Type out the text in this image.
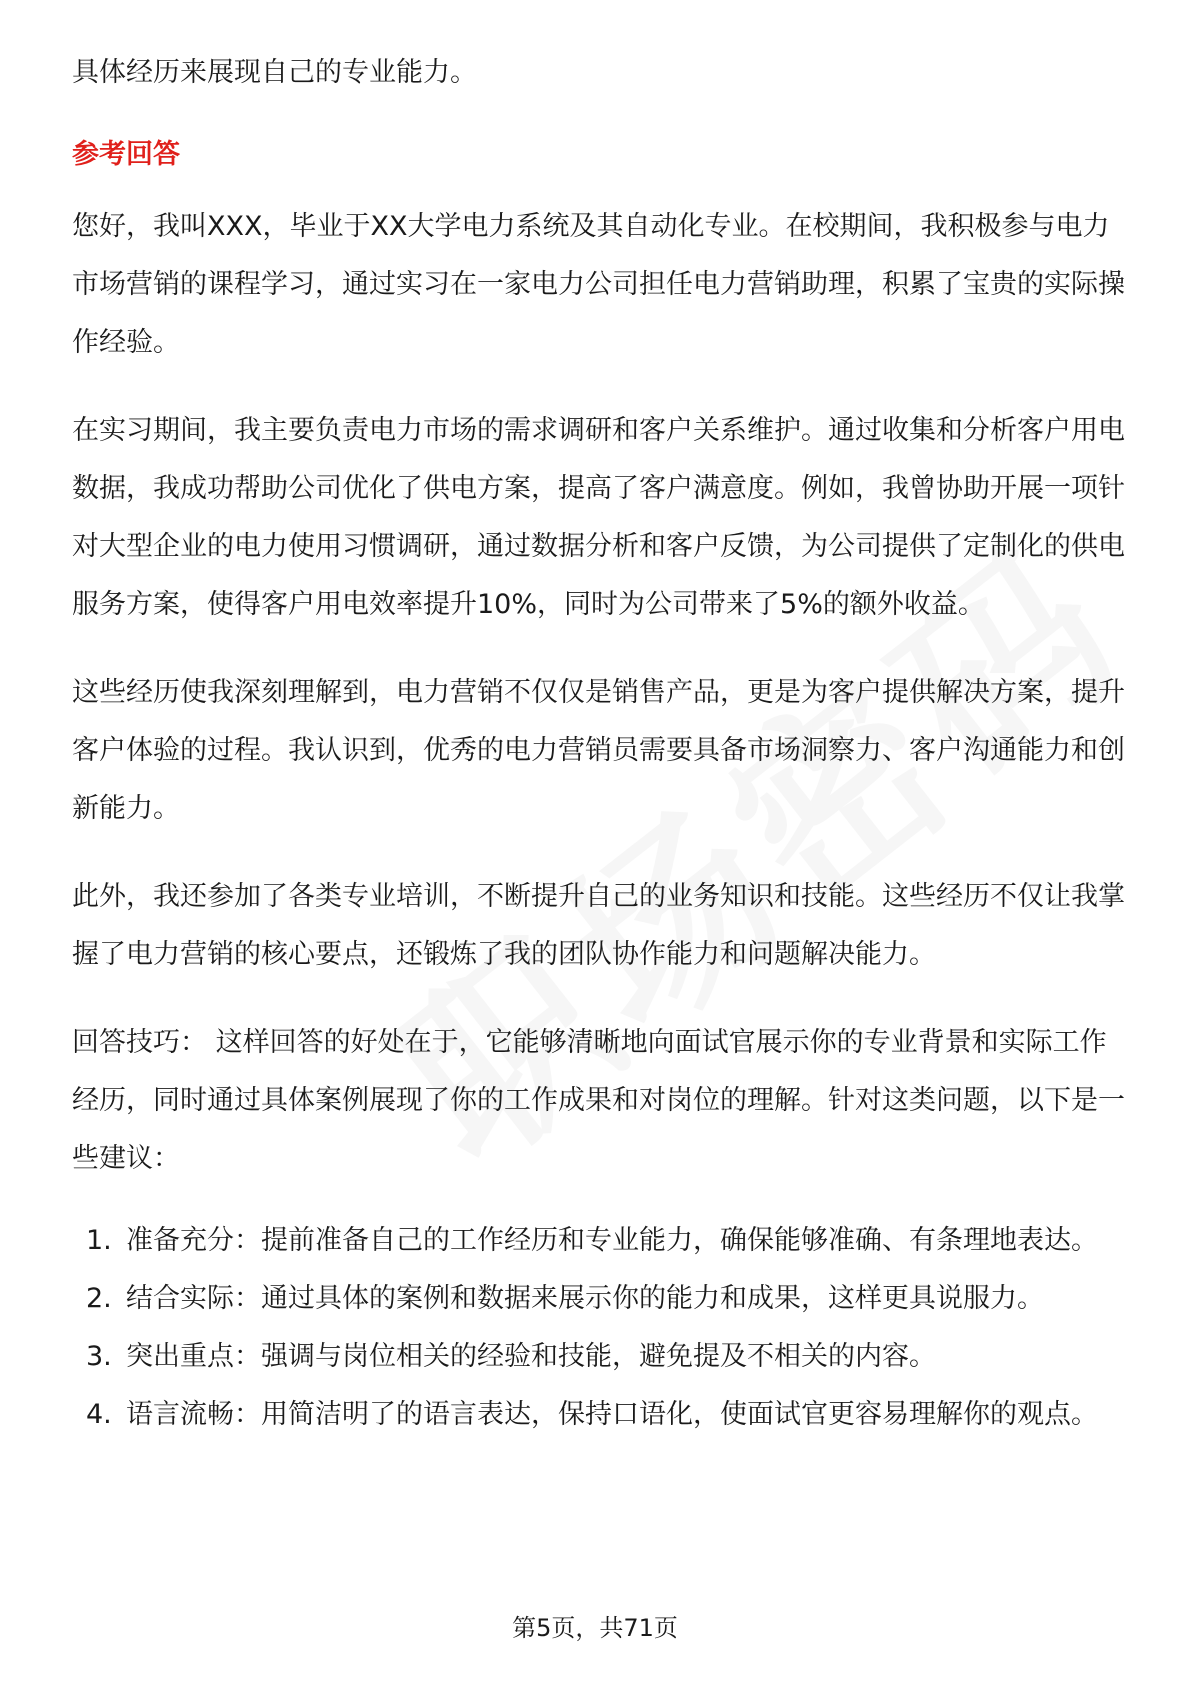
具体经历来展现自己的专业能力。

参考回答

您好，我叫XXX，毕业于XX大学电力系统及其自动化专业。在校期间，我积极参与电力市场营销的课程学习，通过实习在一家电力公司担任电力营销助理，积累了宝贵的实际操作经验。

在实习期间，我主要负责电力市场的需求调研和客户关系维护。通过收集和分析客户用电数据，我成功帮助公司优化了供电方案，提高了客户满意度。例如，我曾协助开展一项针对大型企业的电力使用习惯调研，通过数据分析和客户反馈，为公司提供了定制化的供电服务方案，使得客户用电效率提升10%，同时为公司带来了5%的额外收益。

这些经历使我深刻理解到，电力营销不仅仅是销售产品，更是为客户提供解决方案，提升客户体验的过程。我认识到，优秀的电力营销员需要具备市场洞察力、客户沟通能力和创新能力。

此外，我还参加了各类专业培训，不断提升自己的业务知识和技能。这些经历不仅让我掌握了电力营销的核心要点，还锻炼了我的团队协作能力和问题解决能力。

回答技巧： 这样回答的好处在于，它能够清晰地向面试官展示你的专业背景和实际工作经历，同时通过具体案例展现了你的工作成果和对岗位的理解。针对这类问题，以下是一些建议：

1. 准备充分：提前准备自己的工作经历和专业能力，确保能够准确、有条理地表达。
2. 结合实际：通过具体的案例和数据来展示你的能力和成果，这样更具说服力。
3. 突出重点：强调与岗位相关的经验和技能，避免提及不相关的内容。
4. 语言流畅：用简洁明了的语言表达，保持口语化，使面试官更容易理解你的观点。
第5页，共71页
